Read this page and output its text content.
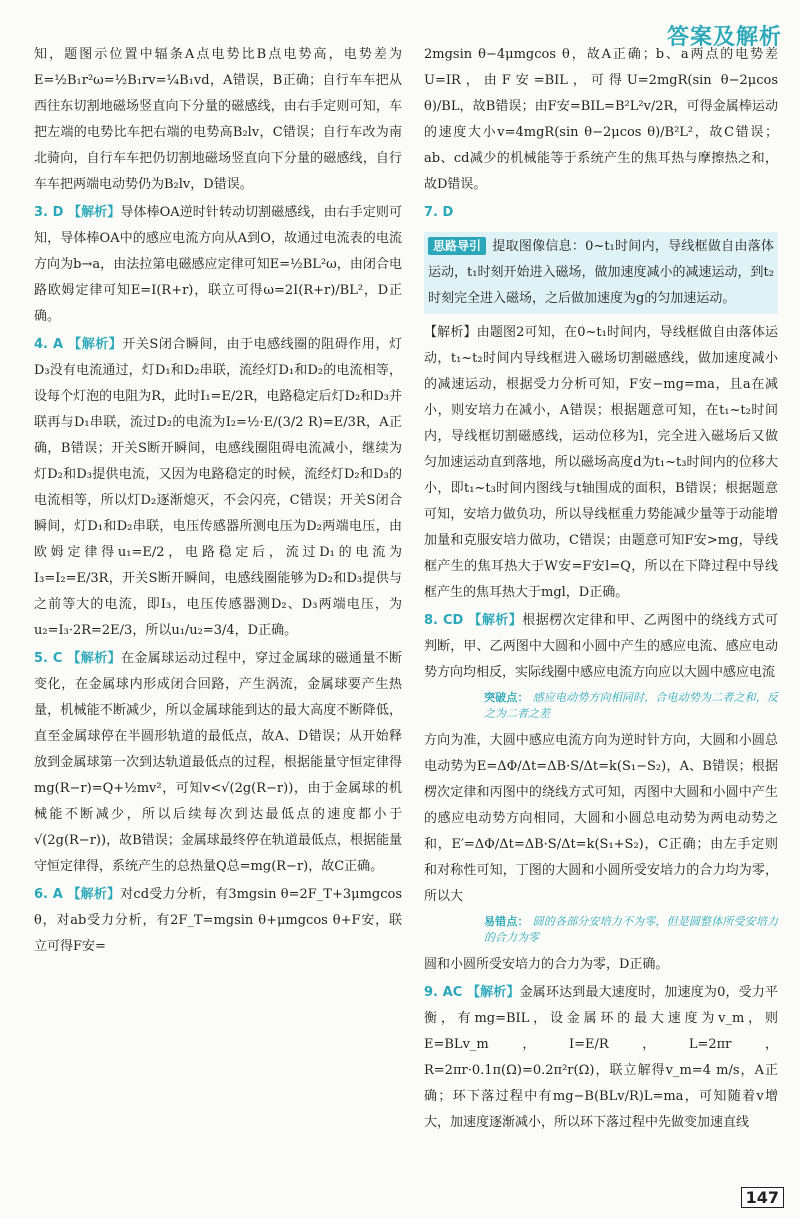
答案及解析

知，题图示位置中辐条A点电势比B点电势高，电势差为E=½B₁r²ω=½B₁rv=¼B₁vd，A错误，B正确；自行车车把从西往东切割地磁场竖直向下分量的磁感线，由右手定则可知，车把左端的电势比车把右端的电势高B₂lv，C错误；自行车改为南北骑向，自行车车把仍切割地磁场竖直向下分量的磁感线，自行车车把两端电动势仍为B₂lv，D错误。

3. D 【解析】导体棒OA逆时针转动切割磁感线，由右手定则可知，导体棒OA中的感应电流方向从A到O，故通过电流表的电流方向为b→a，由法拉第电磁感应定律可知E=½BL²ω，由闭合电路欧姆定律可知E=I(R+r)，联立可得ω=2I(R+r)/BL²，D正确。

4. A 【解析】开关S闭合瞬间，由于电感线圈的阻碍作用，灯D₃没有电流通过，灯D₁和D₂串联，流经灯D₁和D₂的电流相等，设每个灯泡的电阻为R，此时I₁=E/2R，电路稳定后灯D₂和D₃并联再与D₁串联，流过D₂的电流为I₂=½·E/(3/2 R)=E/3R，A正确，B错误；开关S断开瞬间，电感线圈阻碍电流减小，继续为灯D₂和D₃提供电流，又因为电路稳定的时候，流经灯D₂和D₃的电流相等，所以灯D₂逐渐熄灭，不会闪亮，C错误；开关S闭合瞬间，灯D₁和D₂串联，电压传感器所测电压为D₂两端电压，由欧姆定律得u₁=E/2，电路稳定后，流过D₁的电流为I₃=I₂=E/3R，开关S断开瞬间，电感线圈能够为D₂和D₃提供与之前等大的电流，即I₃，电压传感器测D₂、D₃两端电压，为u₂=I₃·2R=2E/3，所以u₁/u₂=3/4，D正确。

5. C 【解析】在金属球运动过程中，穿过金属球的磁通量不断变化，在金属球内形成闭合回路，产生涡流，金属球要产生热量，机械能不断减少，所以金属球能到达的最大高度不断降低，直至金属球停在半圆形轨道的最低点，故A、D错误；从开始释放到金属球第一次到达轨道最低点的过程，根据能量守恒定律得mg(R−r)=Q+½mv²，可知v<√(2g(R−r))，由于金属球的机械能不断减少，所以后续每次到达最低点的速度都小于√(2g(R−r))，故B错误；金属球最终停在轨道最低点，根据能量守恒定律得，系统产生的总热量Q总=mg(R−r)，故C正确。

6. A 【解析】对cd受力分析，有3mgsin θ=2F_T+3μmgcos θ，对ab受力分析，有2F_T=mgsin θ+μmgcos θ+F安，联立可得F安=

2mgsin θ−4μmgcos θ，故A正确；b、a两点的电势差U=IR，由F安=BIL，可得U=2mgR(sin θ−2μcos θ)/BL，故B错误；由F安=BIL=B²L²v/2R，可得金属棒运动的速度大小v=4mgR(sin θ−2μcos θ)/B²L²，故C错误；ab、cd减少的机械能等于系统产生的焦耳热与摩擦热之和，故D错误。

7. D

思路导引 提取图像信息：0~t₁时间内，导线框做自由落体运动，t₁时刻开始进入磁场，做加速度减小的减速运动，到t₂时刻完全进入磁场，之后做加速度为g的匀加速运动。

【解析】由题图2可知，在0~t₁时间内，导线框做自由落体运动，t₁~t₂时间内导线框进入磁场切割磁感线，做加速度减小的减速运动，根据受力分析可知，F安−mg=ma，且a在减小，则安培力在减小，A错误；根据题意可知，在t₁~t₂时间内，导线框切割磁感线，运动位移为l，完全进入磁场后又做匀加速运动直到落地，所以磁场高度d为t₁~t₃时间内的位移大小，即t₁~t₃时间内图线与t轴围成的面积，B错误；根据题意可知，安培力做负功，所以导线框重力势能减少量等于动能增加量和克服安培力做功，C错误；由题意可知F安>mg，导线框产生的焦耳热大于W安=F安l=Q，所以在下降过程中导线框产生的焦耳热大于mgl，D正确。

8. CD 【解析】根据楞次定律和甲、乙两图中的绕线方式可判断，甲、乙两图中大圆和小圆中产生的感应电流、感应电动势方向均相反，实际线圈中感应电流方向应以大圆中感应电流

突破点： 感应电动势方向相同时，合电动势为二者之和，反之为二者之差

方向为准，大圆中感应电流方向为逆时针方向，大圆和小圆总电动势为E=ΔΦ/Δt=ΔB·S/Δt=k(S₁−S₂)，A、B错误；根据楞次定律和丙图中的绕线方式可知，丙图中大圆和小圆中产生的感应电动势方向相同，大圆和小圆总电动势为两电动势之和，E′=ΔΦ/Δt=ΔB·S/Δt=k(S₁+S₂)，C正确；由左手定则和对称性可知，丁图的大圆和小圆所受安培力的合力均为零，所以大

易错点： 圆的各部分安培力不为零，但是圆整体所受安培力的合力为零

圆和小圆所受安培力的合力为零，D正确。

9. AC 【解析】金属环达到最大速度时，加速度为0，受力平衡，有mg=BIL，设金属环的最大速度为v_m，则E=BLv_m，I=E/R，L=2πr，R=2πr·0.1π(Ω)=0.2π²r(Ω)，联立解得v_m=4 m/s，A正确；环下落过程中有mg−B(BLv/R)L=ma，可知随着v增大，加速度逐渐减小，所以环下落过程中先做变加速直线

147
